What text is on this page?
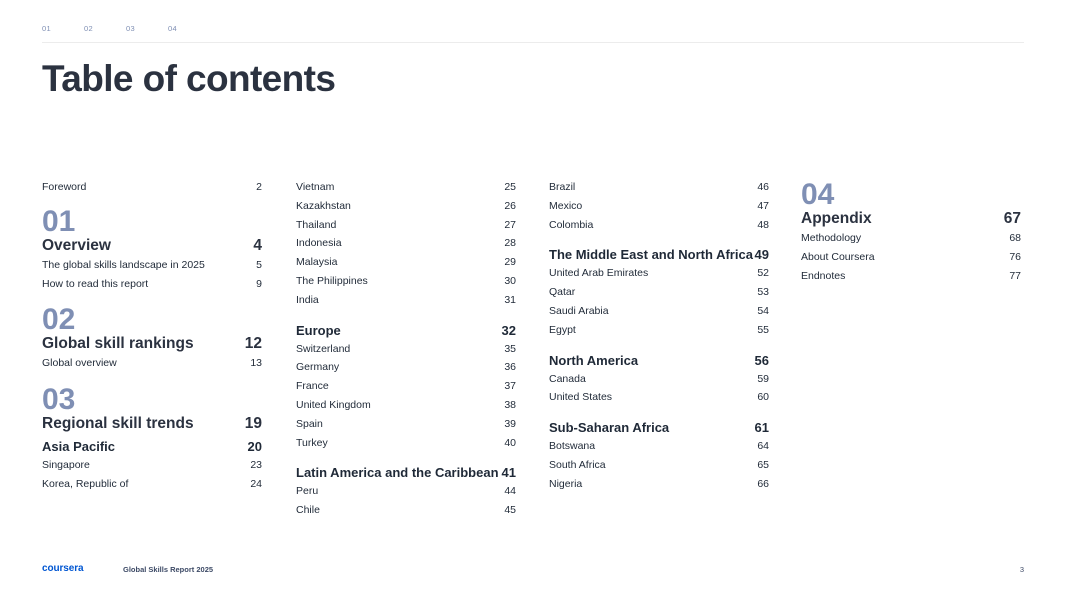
01	02	03	04
Table of contents
Foreword	2
01
Overview	4
The global skills landscape in 2025	5
How to read this report	9
02
Global skill rankings	12
Global overview	13
03
Regional skill trends	19
Asia Pacific	20
Singapore	23
Korea, Republic of	24
Vietnam	25
Kazakhstan	26
Thailand	27
Indonesia	28
Malaysia	29
The Philippines	30
India	31
Europe	32
Switzerland	35
Germany	36
France	37
United Kingdom	38
Spain	39
Turkey	40
Latin America and the Caribbean 41
Peru	44
Chile	45
Brazil	46
Mexico	47
Colombia	48
The Middle East and North Africa 49
United Arab Emirates	52
Qatar	53
Saudi Arabia	54
Egypt	55
North America	56
Canada	59
United States	60
Sub-Saharan Africa	61
Botswana	64
South Africa	65
Nigeria	66
04
Appendix	67
Methodology	68
About Coursera	76
Endnotes	77
coursera	Global Skills Report 2025	3
